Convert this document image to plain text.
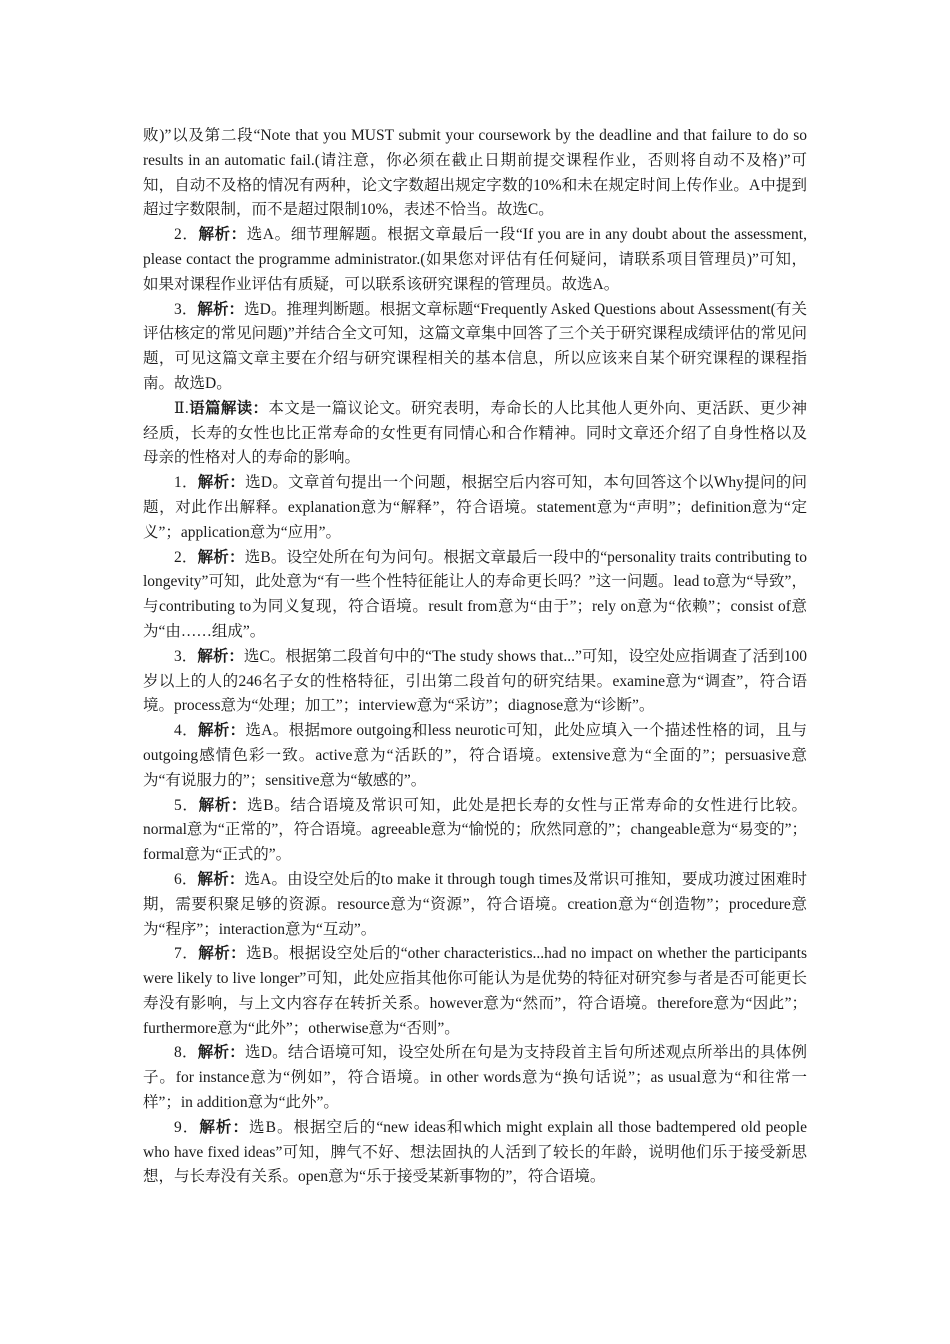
败)”以及第二段“Note that you MUST submit your coursework by the deadline and that failure to do so results in an automatic fail.(请注意，你必须在截止日期前提交课程作业，否则将自动不及格)”可知，自动不及格的情况有两种，论文字数超出规定字数的10%和未在规定时间上传作业。A中提到超过字数限制，而不是超过限制10%，表述不恰当。故选C。

2．解析：选A。细节理解题。根据文章最后一段“If you are in any doubt about the assessment, please contact the programme administrator.(如果您对评估有任何疑问，请联系项目管理员)”可知，如果对课程作业评估有质疑，可以联系该研究课程的管理员。故选A。

3．解析：选D。推理判断题。根据文章标题“Frequently Asked Questions about Assessment(有关评估核定的常见问题)”并结合全文可知，这篇文章集中回答了三个关于研究课程成绩评估的常见问题，可见这篇文章主要在介绍与研究课程相关的基本信息，所以应该来自某个研究课程的课程指南。故选D。

Ⅱ.语篇解读：本文是一篇议论文。研究表明，寿命长的人比其他人更外向、更活跃、更少神经质，长寿的女性也比正常寿命的女性更有同情心和合作精神。同时文章还介绍了自身性格以及母亲的性格对人的寿命的影响。

1．解析：选D。文章首句提出一个问题，根据空后内容可知，本句回答这个以Why提问的问题，对此作出解释。explanation意为“解释”，符合语境。statement意为“声明”；definition意为“定义”；application意为“应用”。

2．解析：选B。设空处所在句为问句。根据文章最后一段中的“personality traits contributing to longevity”可知，此处意为“有一些个性特征能让人的寿命更长吗？”这一问题。lead to意为“导致”，与contributing to为同义复现，符合语境。result from意为“由于”；rely on意为“依赖”；consist of意为“由……组成”。

3．解析：选C。根据第二段首句中的“The study shows that...”可知，设空处应指调查了活到100岁以上的人的246名子女的性格特征，引出第二段首句的研究结果。examine意为“调查”，符合语境。process意为“处理；加工”；interview意为“采访”；diagnose意为“诊断”。

4．解析：选A。根据more outgoing和less neurotic可知，此处应填入一个描述性格的词，且与outgoing感情色彩一致。active意为“活跃的”，符合语境。extensive意为“全面的”；persuasive意为“有说服力的”；sensitive意为“敏感的”。

5．解析：选B。结合语境及常识可知，此处是把长寿的女性与正常寿命的女性进行比较。normal意为“正常的”，符合语境。agreeable意为“愉悦的；欣然同意的”；changeable意为“易变的”；formal意为“正式的”。

6．解析：选A。由设空处后的to make it through tough times及常识可推知，要成功渡过困难时期，需要积聚足够的资源。resource意为“资源”，符合语境。creation意为“创造物”；procedure意为“程序”；interaction意为“互动”。

7．解析：选B。根据设空处后的“other characteristics...had no impact on whether the participants were likely to live longer”可知，此处应指其他你可能认为是优势的特征对研究参与者是否可能更长寿没有影响，与上文内容存在转折关系。however意为“然而”，符合语境。therefore意为“因此”；furthermore意为“此外”；otherwise意为“否则”。

8．解析：选D。结合语境可知，设空处所在句是为支持段首主旨句所述观点所举出的具体例子。for instance意为“例如”，符合语境。in other words意为“换句话说”；as usual意为“和往常一样”；in addition意为“此外”。

9．解析：选B。根据空后的“new ideas和which might explain all those badtempered old people who have fixed ideas”可知，脾气不好、想法固执的人活到了较长的年龄，说明他们乐于接受新思想，与长寿没有关系。open意为“乐于接受某新事物的”，符合语境。
